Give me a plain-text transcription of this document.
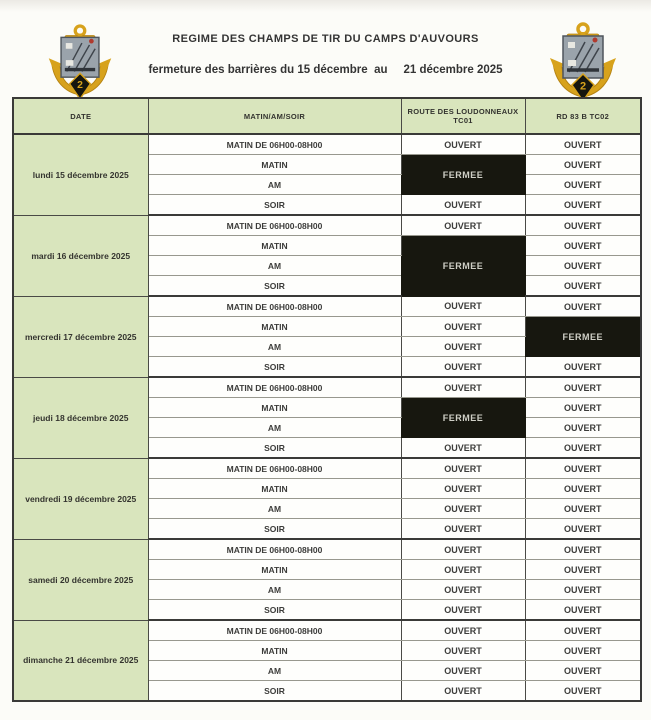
2	2
REGIME DES CHAMPS DE TIR DU CAMPS D'AUVOURS
fermeture des barrières du 15 décembre  au     21 décembre 2025
DATE	MATIN/AM/SOIR	ROUTE DES LOUDONNEAUX TC01	RD 83 B TC02
lundi 15 décembre 2025	MATIN DE 06H00-08H00	OUVERT	OUVERT
	MATIN	FERMEE	OUVERT
	AM		OUVERT
	SOIR	OUVERT	OUVERT
mardi 16 décembre 2025	MATIN DE 06H00-08H00	OUVERT	OUVERT
	MATIN	FERMEE	OUVERT
	AM		OUVERT
	SOIR		OUVERT
mercredi 17 décembre 2025	MATIN DE 06H00-08H00	OUVERT	OUVERT
	MATIN	OUVERT	FERMEE
	AM	OUVERT	
	SOIR	OUVERT	OUVERT
jeudi 18 décembre 2025	MATIN DE 06H00-08H00	OUVERT	OUVERT
	MATIN	FERMEE	OUVERT
	AM		OUVERT
	SOIR	OUVERT	OUVERT
vendredi 19 décembre 2025	MATIN DE 06H00-08H00	OUVERT	OUVERT
	MATIN	OUVERT	OUVERT
	AM	OUVERT	OUVERT
	SOIR	OUVERT	OUVERT
samedi 20 décembre 2025	MATIN DE 06H00-08H00	OUVERT	OUVERT
	MATIN	OUVERT	OUVERT
	AM	OUVERT	OUVERT
	SOIR	OUVERT	OUVERT
dimanche 21 décembre 2025	MATIN DE 06H00-08H00	OUVERT	OUVERT
	MATIN	OUVERT	OUVERT
	AM	OUVERT	OUVERT
	SOIR	OUVERT	OUVERT
